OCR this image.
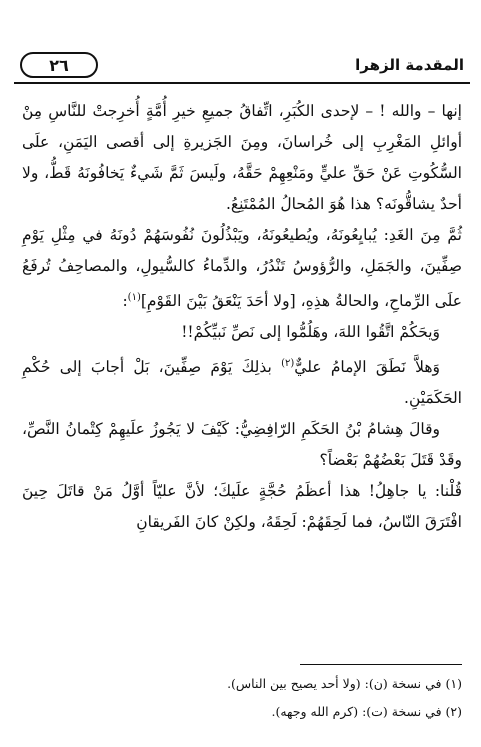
المقدمة الزهرا
٢٦

إنها – والله ! – لإحدى الكُبَرِ، اتِّفاقُ جميعِ خيرِ أُمَّةٍ أُخرِجتْ للنَّاسِ مِنْ أوائلِ المَغْرِبِ إلى خُراسانَ، ومِنَ الجَزيرةِ إلى أقصى اليَمَنِ، علَى السُّكُوتِ عَنْ حَقِّ عليٍّ ومَنْعِهِمْ حَقَّهُ، ولَيسَ ثَمَّ شَيءٌ يَخافُونَهُ قَطُّ، ولا أحدٌ يشاقُّونَه؟ هذا هُوَ المُحالُ المُمْتَنِعُ.

ثُمَّ مِنَ الغَدِ: يُبايِعُونَهُ، ويُطيعُونَهُ، ويَبْذُلُونَ نُفُوسَهُمْ دُونَهُ في مِثْلِ يَوْمِ صِفِّينَ، والجَمَلِ، والرُّؤوسُ تَنْدُرُ، والدِّماءُ كالسُّيولِ، والمصاحِفُ تُرفَعُ علَى الرِّماحِ، والحالةُ هذِهِ، [ولا أحَدَ يَنْعَقُ بَيْنَ القَوْمِ]$^{(١)}$:

وَيحَكُمْ اتَّقُوا اللهَ، وهَلُمُّوا إلى نَصِّ نَبيِّكُمْ!!

وَهلاَّ نَطَقَ الإمامُ عليٌّ$^{(٢)}$ بذلِكَ يَوْمَ صِفِّينَ، بَلْ أجابَ إلى حُكْمِ الحَكَمَيْنِ.

وقالَ هِشامُ بْنُ الحَكَمِ الرّافِضِيُّ: كَيْفَ لا يَجُوزُ علَيهِمْ كِتْمانُ النَّصِّ، وقَدْ قَتَلَ بَعْضُهُمْ بَعْضاً؟

قُلْنا: يا جاهِلُ! هذا أعظَمُ حُجَّةٍ علَيكَ؛ لأنَّ عليّاً أوَّلُ مَنْ قاتَلَ حِينَ افْتَرَقَ النّاسُ، فما لَحِقَهُمْ: لَحِقَهُ، ولكِنْ كانَ الفَريقانِ

(١) في نسخة (ن): (ولا أحد يصيح بين الناس).

(٢) في نسخة (ت): (كرم الله وجهه).
